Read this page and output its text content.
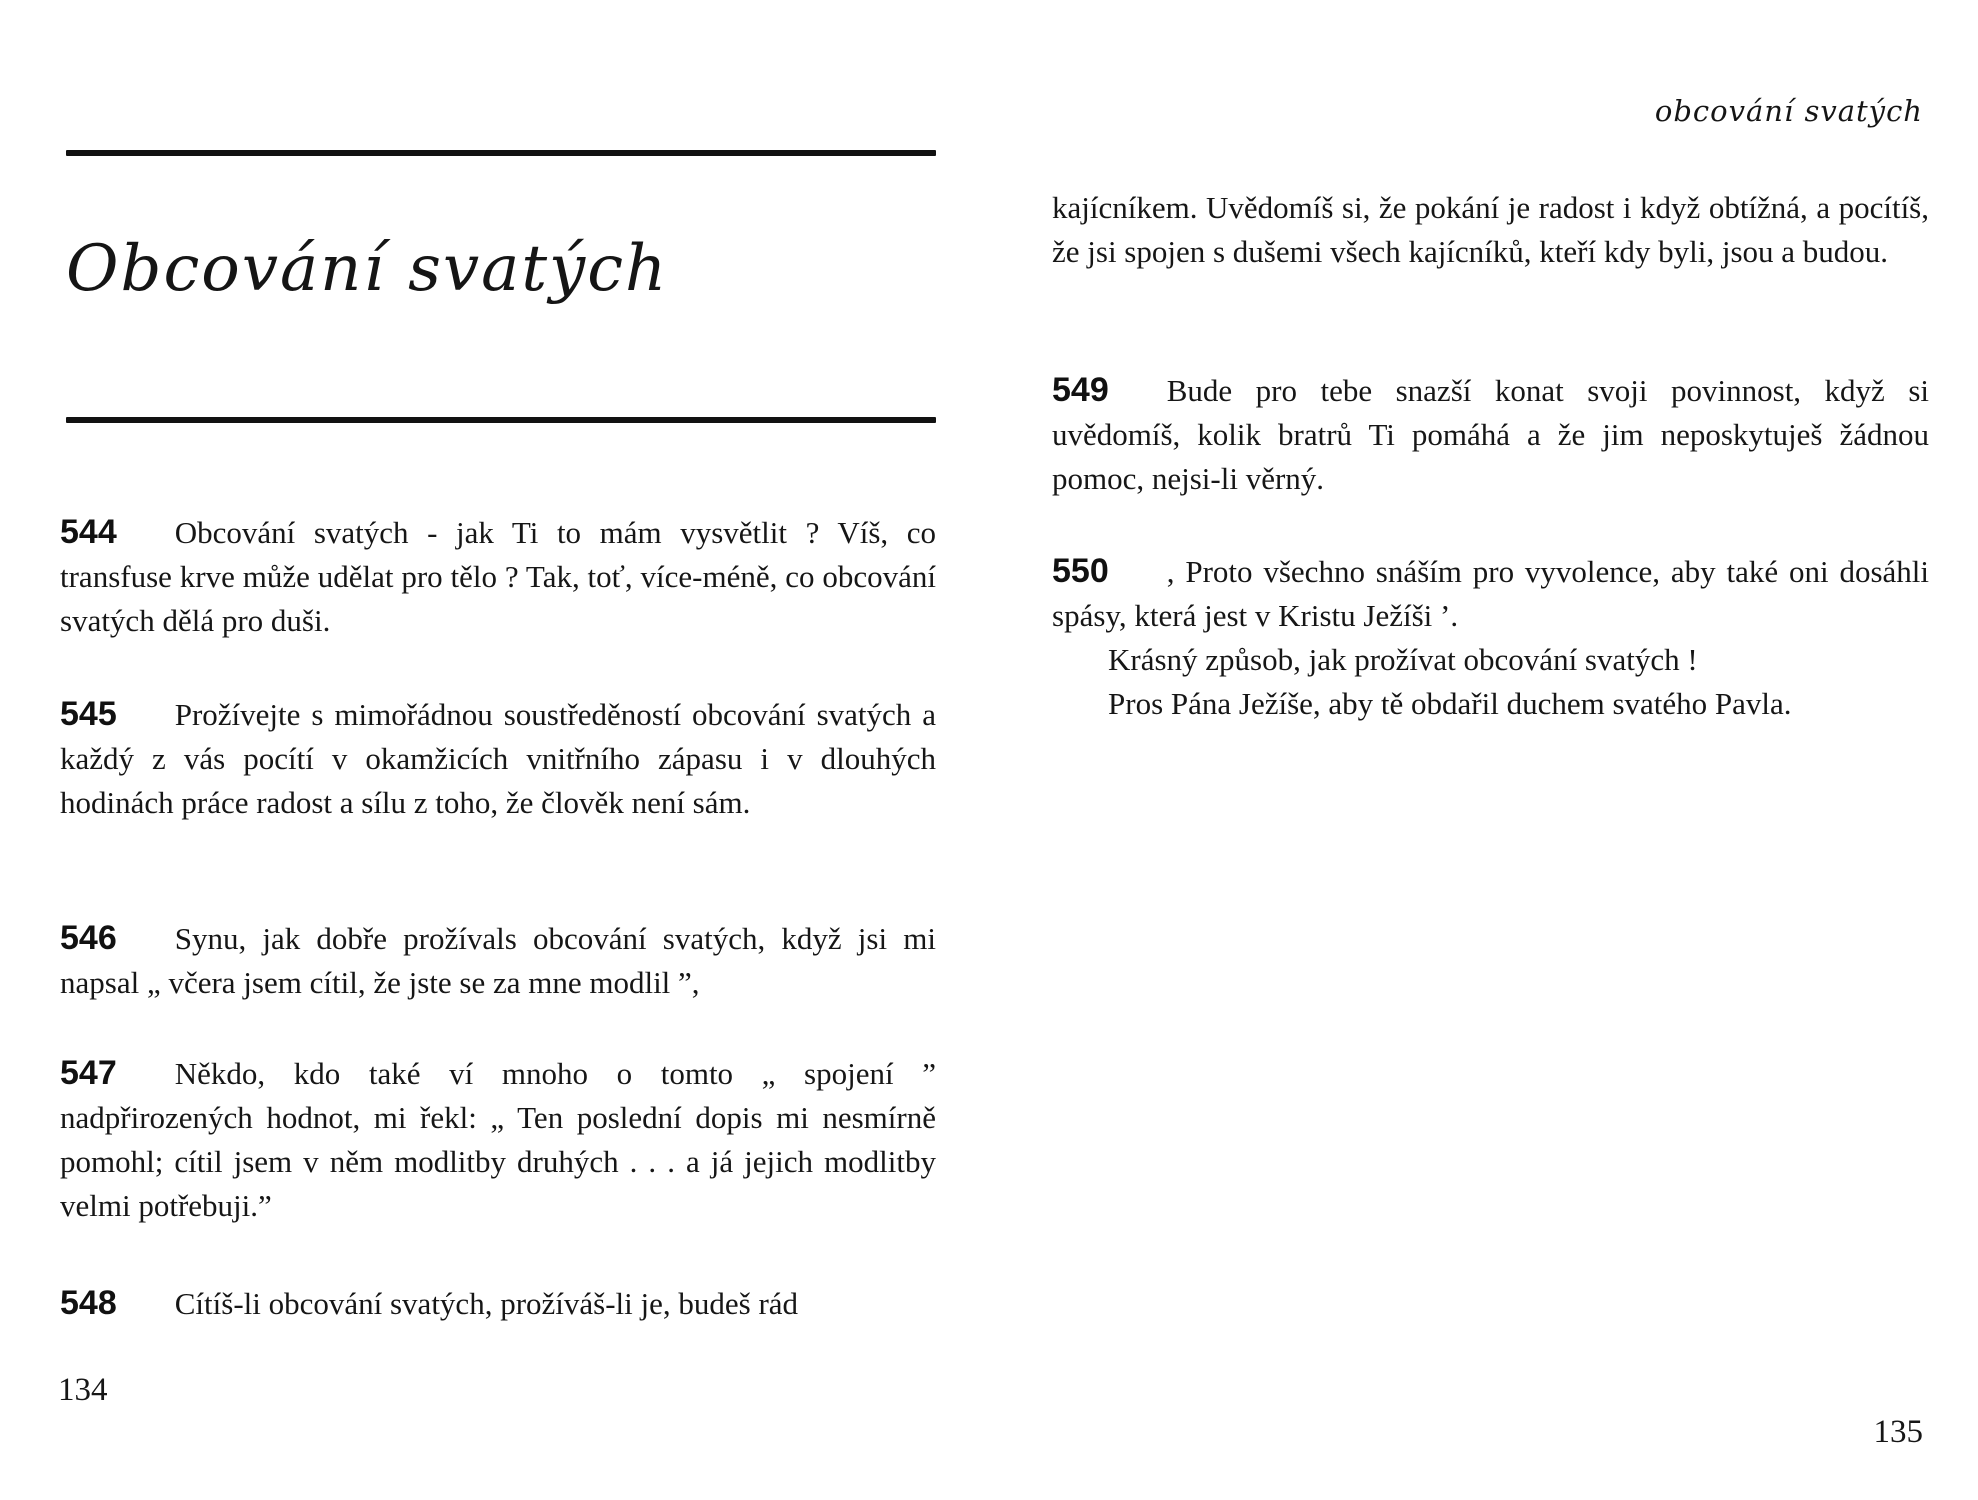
Obcování svatých

544 Obcování svatých - jak Ti to mám vysvětlit ? Víš, co transfuse krve může udělat pro tělo ? Tak, toť, více-méně, co obcování svatých dělá pro duši.

545 Prožívejte s mimořádnou soustředěností obcování svatých a každý z vás pocítí v okamžicích vnitřního zápasu i v dlouhých hodinách práce radost a sílu z toho, že člověk není sám.

546 Synu, jak dobře prožívals obcování svatých, když jsi mi napsal „ včera jsem cítil, že jste se za mne modlil ”,

547 Někdo, kdo také ví mnoho o tomto „ spojení ” nadpřirozených hodnot, mi řekl: „ Ten poslední dopis mi nesmírně pomohl; cítil jsem v něm modlitby druhých . . . a já jejich modlitby velmi potřebuji.”

548 Cítíš-li obcování svatých, prožíváš-li je, budeš rád

134

obcování svatých

kajícníkem. Uvědomíš si, že pokání je radost i když obtížná, a pocítíš, že jsi spojen s dušemi všech kajícníků, kteří kdy byli, jsou a budou.

549 Bude pro tebe snazší konat svoji povinnost, když si uvědomíš, kolik bratrů Ti pomáhá a že jim neposkytuješ žádnou pomoc, nejsi-li věrný.

550 , Proto všechno snáším pro vyvolence, aby také oni dosáhli spásy, která jest v Kristu Ježíši ’.
Krásný způsob, jak prožívat obcování svatých !
Pros Pána Ježíše, aby tě obdařil duchem svatého Pavla.

135
